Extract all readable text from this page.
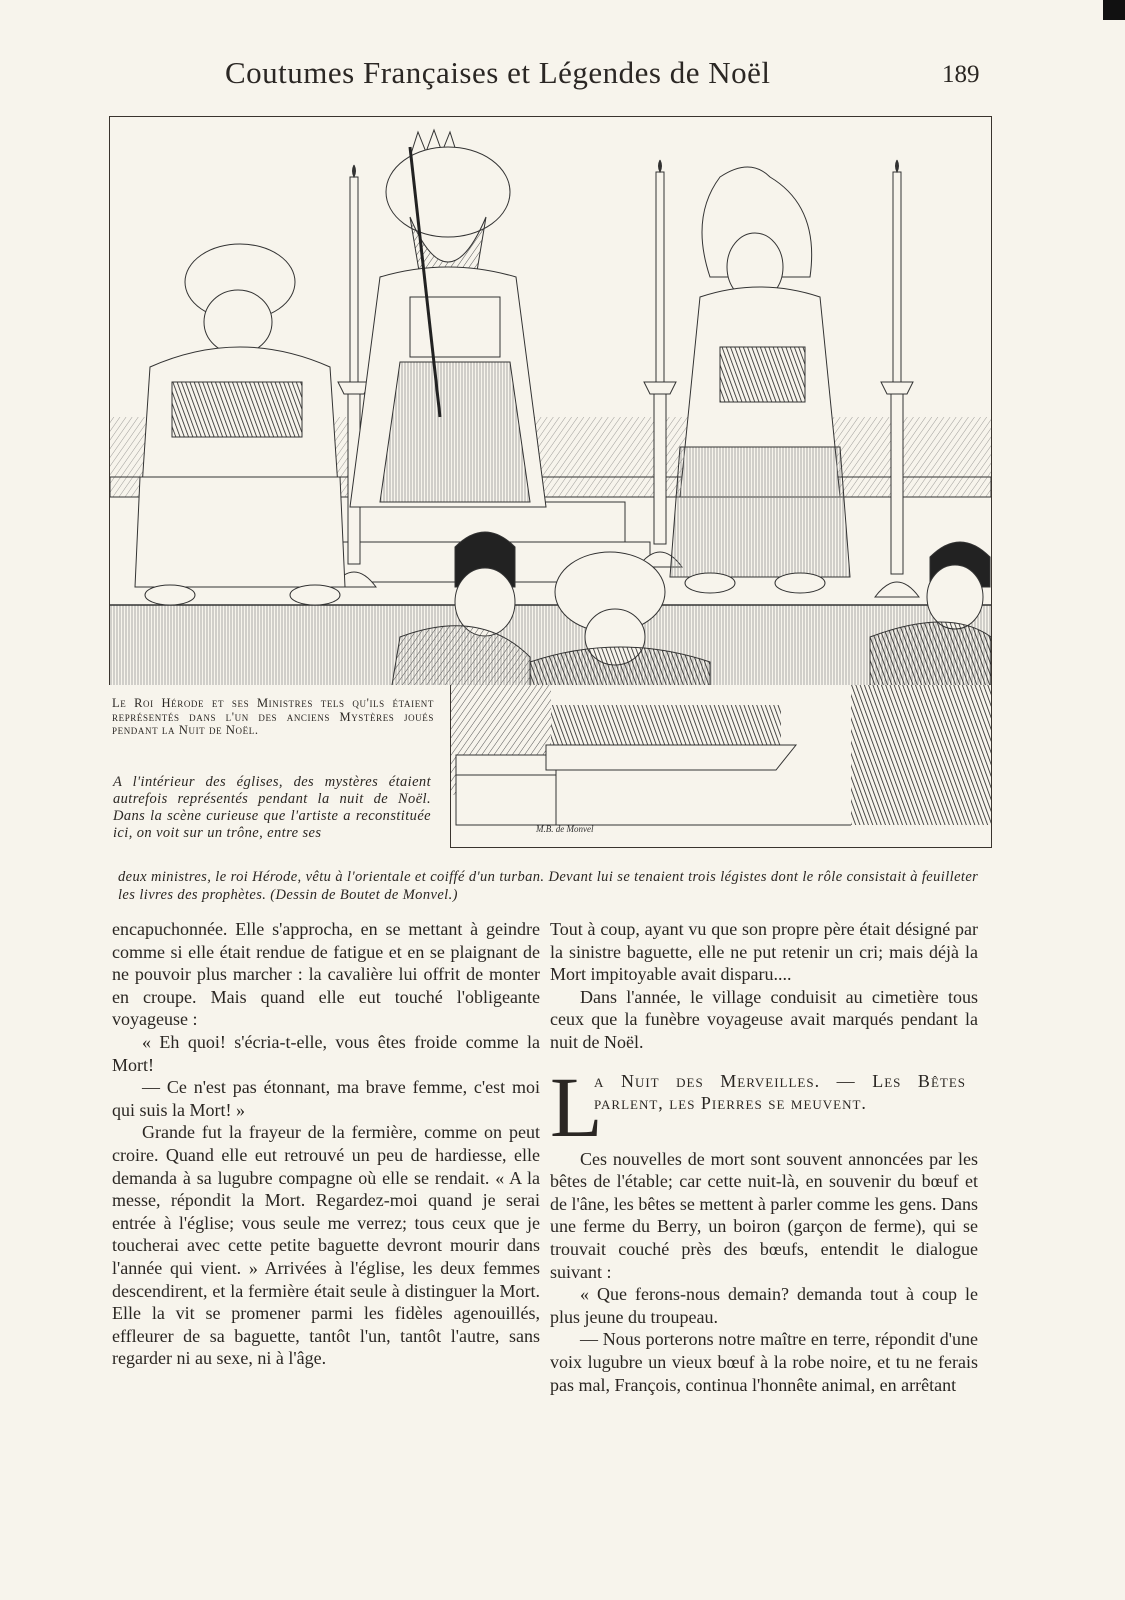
Coutumes Françaises et Légendes de Noël	189
M.B. de Monvel
Le Roi Hérode et ses Ministres tels qu'ils étaient représentés dans l'un des anciens Mystères joués pendant la Nuit de Noël.
A l'intérieur des églises, des mystères étaient autrefois représentés pendant la nuit de Noël. Dans la scène curieuse que l'artiste a reconstituée ici, on voit sur un trône, entre ses
deux ministres, le roi Hérode, vêtu à l'orientale et coiffé d'un turban. Devant lui se tenaient trois légistes dont le rôle consistait à feuilleter les livres des prophètes. (Dessin de Boutet de Monvel.)

encapuchonnée. Elle s'approcha, en se mettant à geindre comme si elle était rendue de fatigue et en se plaignant de ne pouvoir plus marcher : la cavalière lui offrit de monter en croupe. Mais quand elle eut touché l'obligeante voyageuse :

« Eh quoi! s'écria-t-elle, vous êtes froide comme la Mort!

— Ce n'est pas étonnant, ma brave femme, c'est moi qui suis la Mort! »

Grande fut la frayeur de la fermière, comme on peut croire. Quand elle eut retrouvé un peu de hardiesse, elle demanda à sa lugubre compagne où elle se rendait. « A la messe, répondit la Mort. Regardez-moi quand je serai entrée à l'église; vous seule me verrez; tous ceux que je toucherai avec cette petite baguette devront mourir dans l'année qui vient. » Arrivées à l'église, les deux femmes descendirent, et la fermière était seule à distinguer la Mort. Elle la vit se promener parmi les fidèles agenouillés, effleurer de sa baguette, tantôt l'un, tantôt l'autre, sans regarder ni au sexe, ni à l'âge.

Tout à coup, ayant vu que son propre père était désigné par la sinistre baguette, elle ne put retenir un cri; mais déjà la Mort impitoyable avait disparu....

Dans l'année, le village conduisit au cimetière tous ceux que la funèbre voyageuse avait marqués pendant la nuit de Noël.

L
a Nuit des Merveilles. — Les Bêtes parlent, les Pierres se meuvent.

Ces nouvelles de mort sont souvent annoncées par les bêtes de l'étable; car cette nuit-là, en souvenir du bœuf et de l'âne, les bêtes se mettent à parler comme les gens. Dans une ferme du Berry, un boiron (garçon de ferme), qui se trouvait couché près des bœufs, entendit le dialogue suivant :

« Que ferons-nous demain? demanda tout à coup le plus jeune du troupeau.

— Nous porterons notre maître en terre, répondit d'une voix lugubre un vieux bœuf à la robe noire, et tu ne ferais pas mal, François, continua l'honnête animal, en arrêtant
